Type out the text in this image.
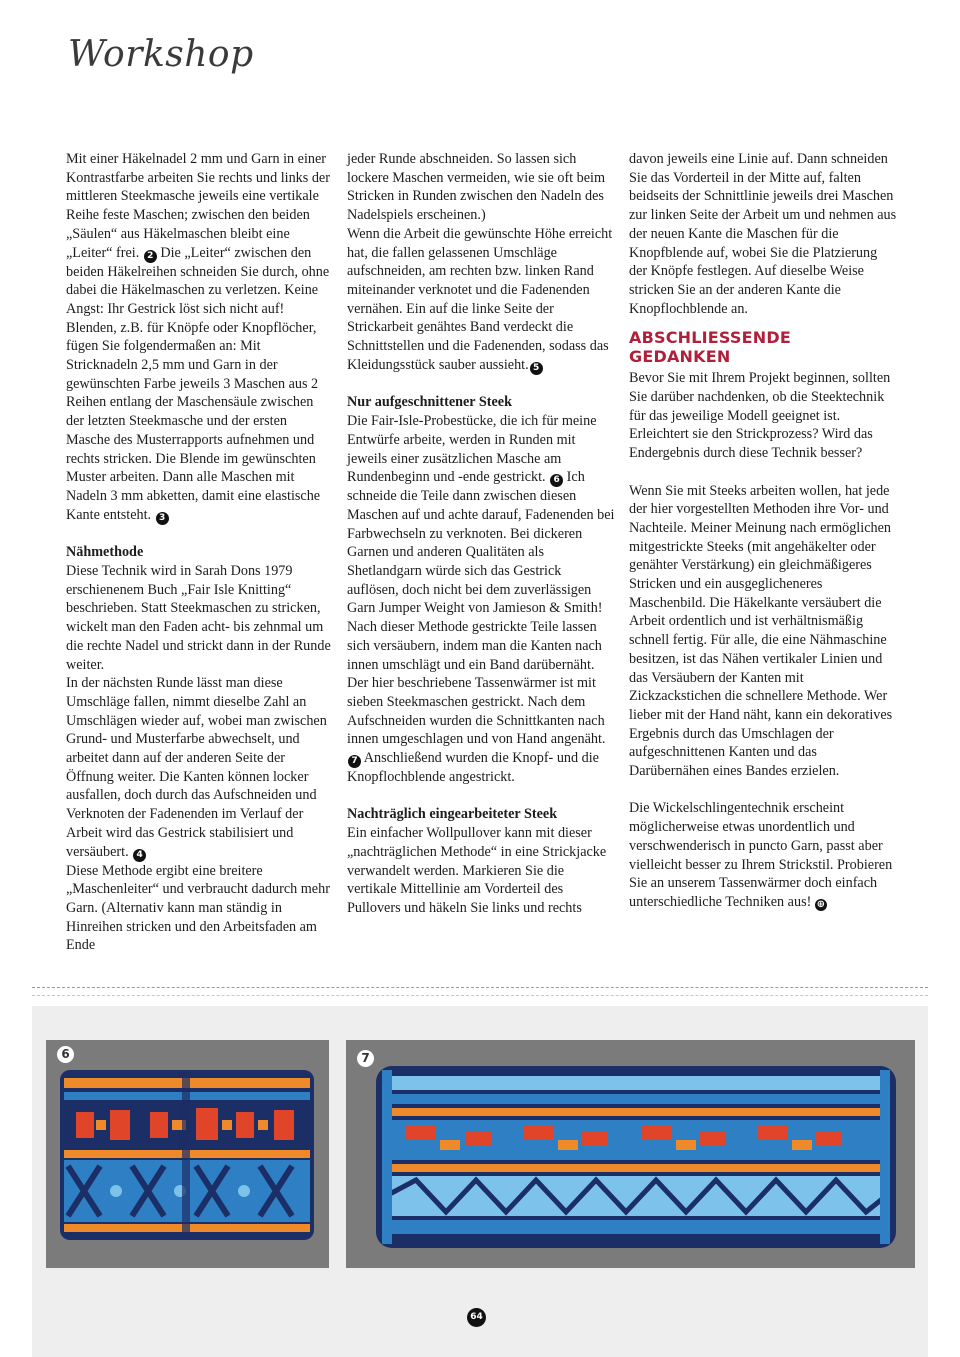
Workshop

Mit einer Häkelnadel 2 mm und Garn in einer Kontrastfarbe arbeiten Sie rechts und links der mittleren Steekmasche jeweils eine vertikale Reihe feste Maschen; zwischen den beiden „Säulen“ aus Häkelmaschen bleibt eine „Leiter“ frei. 2 Die „Leiter“ zwischen den beiden Häkelreihen schneiden Sie durch, ohne dabei die Häkelmaschen zu verletzen. Keine Angst: Ihr Gestrick löst sich nicht auf!

Blenden, z.B. für Knöpfe oder Knopflöcher, fügen Sie folgendermaßen an: Mit Stricknadeln 2,5 mm und Garn in der gewünschten Farbe jeweils 3 Maschen aus 2 Reihen entlang der Maschensäule zwischen der letzten Steekmasche und der ersten Masche des Musterrapports aufnehmen und rechts stricken. Die Blende im gewünschten Muster arbeiten. Dann alle Maschen mit Nadeln 3 mm abketten, damit eine elastische Kante entsteht. 3

Nähmethode

Diese Technik wird in Sarah Dons 1979 erschienenem Buch „Fair Isle Knitting“ beschrieben. Statt Steekmaschen zu stricken, wickelt man den Faden acht- bis zehnmal um die rechte Nadel und strickt dann in der Runde weiter.

In der nächsten Runde lässt man diese Umschläge fallen, nimmt dieselbe Zahl an Umschlägen wieder auf, wobei man zwischen Grund- und Musterfarbe abwechselt, und arbeitet dann auf der anderen Seite der Öffnung weiter. Die Kanten können locker ausfallen, doch durch das Aufschneiden und Verknoten der Fadenenden im Verlauf der Arbeit wird das Gestrick stabilisiert und versäubert. 4

Diese Methode ergibt eine breitere „Maschenleiter“ und verbraucht dadurch mehr Garn. (Alternativ kann man ständig in Hinreihen stricken und den Arbeitsfaden am Ende

jeder Runde abschneiden. So lassen sich lockere Maschen vermeiden, wie sie oft beim Stricken in Runden zwischen den Nadeln des Nadelspiels erscheinen.)

Wenn die Arbeit die gewünschte Höhe erreicht hat, die fallen gelassenen Umschläge aufschneiden, am rechten bzw. linken Rand miteinander verknotet und die Fadenenden vernähen. Ein auf die linke Seite der Strickarbeit genähtes Band verdeckt die Schnittstellen und die Fadenenden, sodass das Kleidungsstück sauber aussieht. 5

Nur aufgeschnittener Steek

Die Fair-Isle-Probestücke, die ich für meine Entwürfe arbeite, werden in Runden mit jeweils einer zusätzlichen Masche am Rundenbeginn und -ende gestrickt. 6 Ich schneide die Teile dann zwischen diesen Maschen auf und achte darauf, Fadenenden bei Farbwechseln zu verknoten. Bei dickeren Garnen und anderen Qualitäten als Shetlandgarn würde sich das Gestrick auflösen, doch nicht bei dem zuverlässigen Garn Jumper Weight von Jamieson & Smith! Nach dieser Methode gestrickte Teile lassen sich versäubern, indem man die Kanten nach innen umschlägt und ein Band darübernäht.

Der hier beschriebene Tassenwärmer ist mit sieben Steekmaschen gestrickt. Nach dem Aufschneiden wurden die Schnittkanten nach innen umgeschlagen und von Hand angenäht. 7 Anschließend wurden die Knopf- und die Knopflochblende angestrickt.

Nachträglich eingearbeiteter Steek

Ein einfacher Wollpullover kann mit dieser „nachträglichen Methode“ in eine Strickjacke verwandelt werden. Markieren Sie die vertikale Mittellinie am Vorderteil des Pullovers und häkeln Sie links und rechts

davon jeweils eine Linie auf. Dann schneiden Sie das Vorderteil in der Mitte auf, falten beidseits der Schnittlinie jeweils drei Maschen zur linken Seite der Arbeit um und nehmen aus der neuen Kante die Maschen für die Knopfblende auf, wobei Sie die Platzierung der Knöpfe festlegen. Auf dieselbe Weise stricken Sie an der anderen Kante die Knopflochblende an.

ABSCHLIESSENDE GEDANKEN

Bevor Sie mit Ihrem Projekt beginnen, sollten Sie darüber nachdenken, ob die Steektechnik für das jeweilige Modell geeignet ist. Erleichtert sie den Strickprozess? Wird das Endergebnis durch diese Technik besser?

Wenn Sie mit Steeks arbeiten wollen, hat jede der hier vorgestellten Methoden ihre Vor- und Nachteile. Meiner Meinung nach ermöglichen mitgestrickte Steeks (mit angehäkelter oder genähter Verstärkung) ein gleichmäßigeres Stricken und ein ausgeglicheneres Maschenbild. Die Häkelkante versäubert die Arbeit ordentlich und ist verhältnismäßig schnell fertig. Für alle, die eine Nähmaschine besitzen, ist das Nähen vertikaler Linien und das Versäubern der Kanten mit Zickzackstichen die schnellere Methode. Wer lieber mit der Hand näht, kann ein dekoratives Ergebnis durch das Umschlagen der aufgeschnittenen Kanten und das Darübernähen eines Bandes erzielen.

Die Wickelschlingentechnik erscheint möglicherweise etwas unordentlich und verschwenderisch in puncto Garn, passt aber vielleicht besser zu Ihrem Strickstil. Probieren Sie an unserem Tassenwärmer doch einfach unterschiedliche Techniken aus! ⊕

6	7
64
